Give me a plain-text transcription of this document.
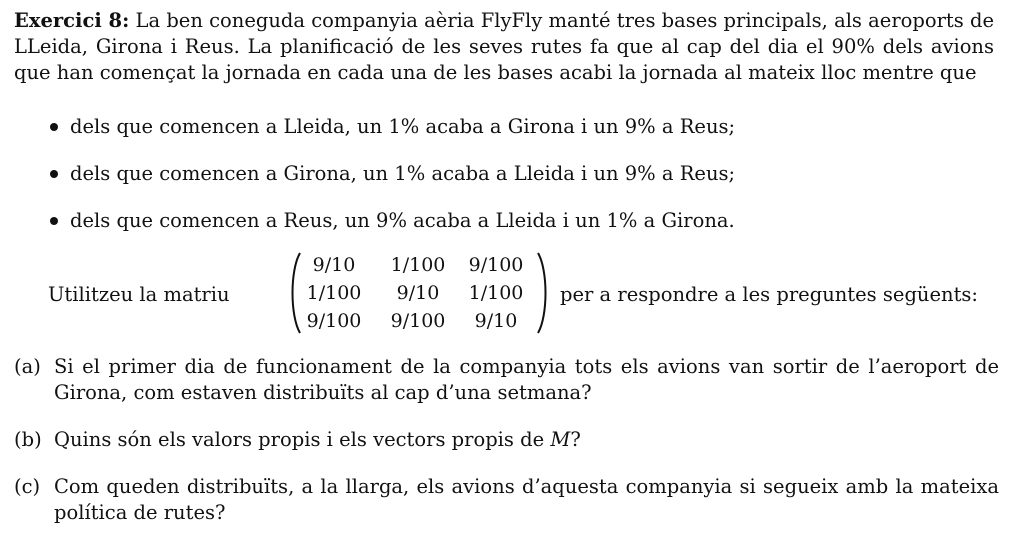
Exercici 8: La ben coneguda companyia aèria FlyFly manté tres bases principals, als aeroports de LLeida, Girona i Reus. La planificació de les seves rutes fa que al cap del dia el 90% dels avions que han començat la jornada en cada una de les bases acabi la jornada al mateix lloc mentre que

dels que comencen a Lleida, un 1% acaba a Girona i un 9% a Reus;
dels que comencen a Girona, un 1% acaba a Lleida i un 9% a Reus;
dels que comencen a Reus, un 9% acaba a Lleida i un 1% a Girona.
Utilitzeu la matriu
9/10	1/100	9/100
1/100	9/10	1/100
9/100	9/100	9/10
per a respondre a les preguntes següents:
(a) Si el primer dia de funcionament de la companyia tots els avions van sortir de l’aeroport de Girona, com estaven distribuïts al cap d’una setmana?
(b) Quins són els valors propis i els vectors propis de M?
(c) Com queden distribuïts, a la llarga, els avions d’aquesta companyia si segueix amb la mateixa política de rutes?
